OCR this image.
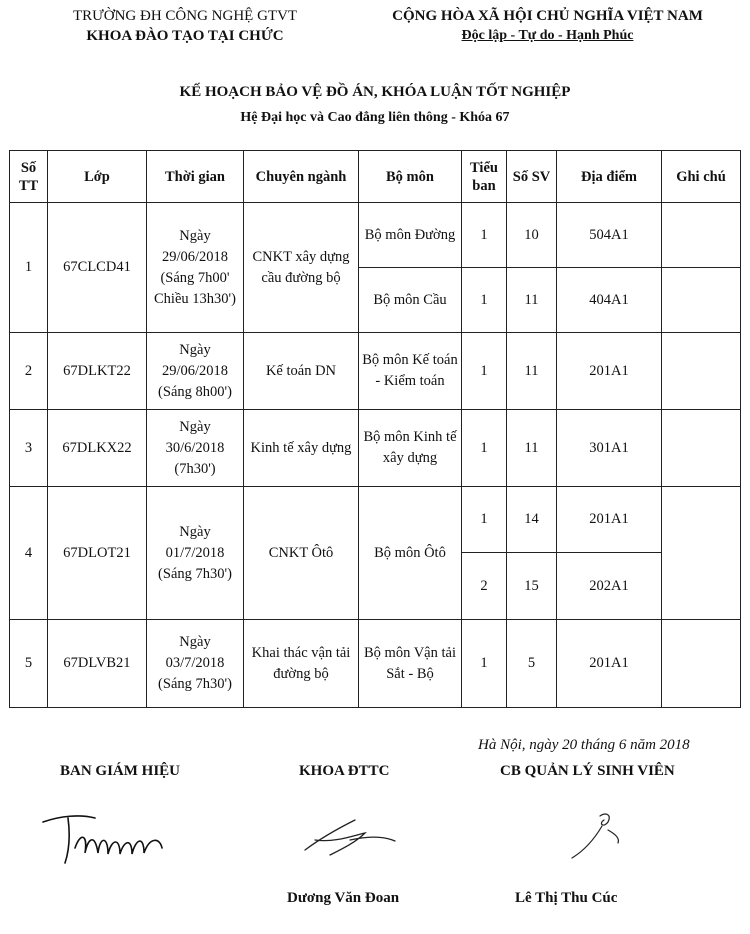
TRƯỜNG ĐH CÔNG NGHỆ GTVT
KHOA ĐÀO TẠO TẠI CHỨC
CỘNG HÒA XÃ HỘI CHỦ NGHĨA VIỆT NAM
Độc lập - Tự do - Hạnh Phúc
KẾ HOẠCH BẢO VỆ ĐỒ ÁN, KHÓA LUẬN TỐT NGHIỆP
Hệ Đại học và Cao đẳng liên thông - Khóa 67
Số TT	Lớp	Thời gian	Chuyên ngành	Bộ môn	Tiểu ban	Số SV	Địa điểm	Ghi chú
1	67CLCD41	Ngày 29/06/2018 (Sáng 7h00' Chiều 13h30')	CNKT xây dựng cầu đường bộ	Bộ môn Đường	1	10	504A1	
				Bộ môn Cầu	1	11	404A1	
2	67DLKT22	Ngày 29/06/2018 (Sáng 8h00')	Kế toán DN	Bộ môn Kế toán - Kiểm toán	1	11	201A1	
3	67DLKX22	Ngày 30/6/2018 (7h30')	Kinh tế xây dựng	Bộ môn Kinh tế xây dựng	1	11	301A1	
4	67DLOT21	Ngày 01/7/2018 (Sáng 7h30')	CNKT Ôtô	Bộ môn Ôtô	1	14	201A1	
					2	15	202A1	
5	67DLVB21	Ngày 03/7/2018 (Sáng 7h30')	Khai thác vận tải đường bộ	Bộ môn Vận tải Sắt - Bộ	1	5	201A1	
Hà Nội, ngày 20 tháng 6 năm 2018
BAN GIÁM HIỆU	KHOA ĐTTC	CB QUẢN LÝ SINH VIÊN
Dương Văn Đoan	Lê Thị Thu Cúc
